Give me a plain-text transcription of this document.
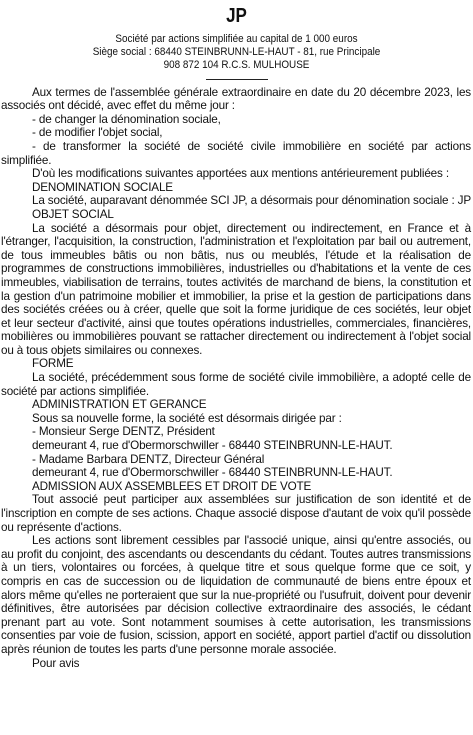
JP
Société par actions simplifiée au capital de 1 000 euros
Siège social : 68440 STEINBRUNN-LE-HAUT - 81, rue Principale
908 872 104 R.C.S. MULHOUSE

Aux termes de l'assemblée générale extraordinaire en date du 20 décembre 2023, les associés ont décidé, avec effet du même jour :

- de changer la dénomination sociale,

- de modifier l'objet social,

- de transformer la société de société civile immobilière en société par actions simplifiée.

D'où les modifications suivantes apportées aux mentions antérieurement publiées :

DENOMINATION SOCIALE

La société, auparavant dénommée SCI JP, a désormais pour dénomination sociale : JP

OBJET SOCIAL

La société a désormais pour objet, directement ou indirectement, en France et à l'étranger, l'acquisition, la construction, l'administration et l'exploitation par bail ou autrement, de tous immeubles bâtis ou non bâtis, nus ou meublés, l'étude et la réalisation de programmes de constructions immobilières, industrielles ou d'habitations et la vente de ces immeubles, viabilisation de terrains, toutes activités de marchand de biens, la constitution et la gestion d'un patrimoine mobilier et immobilier, la prise et la gestion de participations dans des sociétés créées ou à créer, quelle que soit la forme juridique de ces sociétés, leur objet et leur secteur d'activité, ainsi que toutes opérations industrielles, commerciales, financières, mobilières ou immobilières pouvant se rattacher directement ou indirectement à l'objet social ou à tous objets similaires ou connexes.

FORME

La société, précédemment sous forme de société civile immobilière, a adopté celle de société par actions simplifiée.

ADMINISTRATION ET GERANCE

Sous sa nouvelle forme, la société est désormais dirigée par :

- Monsieur Serge DENTZ, Président

demeurant 4, rue d'Obermorschwiller - 68440 STEINBRUNN-LE-HAUT.

- Madame Barbara DENTZ, Directeur Général

demeurant 4, rue d'Obermorschwiller - 68440 STEINBRUNN-LE-HAUT.

ADMISSION AUX ASSEMBLEES ET DROIT DE VOTE

Tout associé peut participer aux assemblées sur justification de son identité et de l'inscription en compte de ses actions. Chaque associé dispose d'autant de voix qu'il possède ou représente d'actions.

Les actions sont librement cessibles par l'associé unique, ainsi qu'entre associés, ou au profit du conjoint, des ascendants ou descendants du cédant. Toutes autres transmissions à un tiers, volontaires ou forcées, à quelque titre et sous quelque forme que ce soit, y compris en cas de succession ou de liquidation de communauté de biens entre époux et alors même qu'elles ne porteraient que sur la nue-propriété ou l'usufruit, doivent pour devenir définitives, être autorisées par décision collective extraordinaire des associés, le cédant prenant part au vote. Sont notamment soumises à cette autorisation, les transmissions consenties par voie de fusion, scission, apport en société, apport partiel d'actif ou dissolution après réunion de toutes les parts d'une personne morale associée.

Pour avis
